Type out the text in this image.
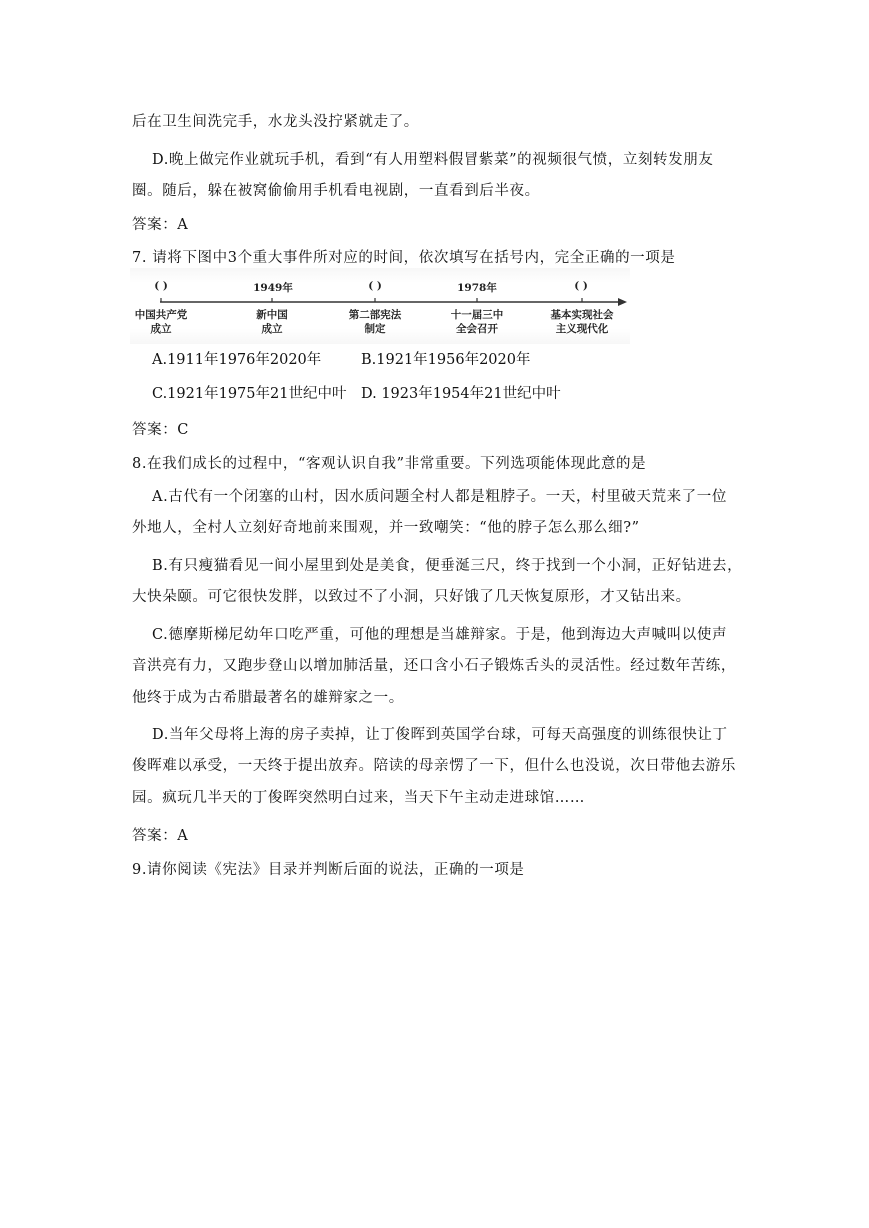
后在卫生间洗完手，水龙头没拧紧就走了。
D.晚上做完作业就玩手机，看到“有人用塑料假冒紫菜”的视频很气愤，立刻转发朋友
圈。随后，躲在被窝偷偷用手机看电视剧，一直看到后半夜。
答案：A
7. 请将下图中3个重大事件所对应的时间，依次填写在括号内，完全正确的一项是
( )	1949年	( )	1978年	( )
中国共产党
成立
新中国
成立
第二部宪法
制定
十一届三中
全会召开
基本实现社会
主义现代化
A.1911年1976年2020年	B.1921年1956年2020年
C.1921年1975年21世纪中叶 D. 1923年1954年21世纪中叶
答案：C
8.在我们成长的过程中，“客观认识自我”非常重要。下列选项能体现此意的是
A.古代有一个闭塞的山村，因水质问题全村人都是粗脖子。一天，村里破天荒来了一位
外地人，全村人立刻好奇地前来围观，并一致嘲笑：“他的脖子怎么那么细?”
B.有只瘦猫看见一间小屋里到处是美食，便垂涎三尺，终于找到一个小洞，正好钻进去，
大快朵颐。可它很快发胖，以致过不了小洞，只好饿了几天恢复原形，才又钻出来。
C.德摩斯梯尼幼年口吃严重，可他的理想是当雄辩家。于是，他到海边大声喊叫以使声
音洪亮有力，又跑步登山以增加肺活量，还口含小石子锻炼舌头的灵活性。经过数年苦练，
他终于成为古希腊最著名的雄辩家之一。
D.当年父母将上海的房子卖掉，让丁俊晖到英国学台球，可每天高强度的训练很快让丁
俊晖难以承受，一天终于提出放弃。陪读的母亲愣了一下，但什么也没说，次日带他去游乐
园。疯玩几半天的丁俊晖突然明白过来，当天下午主动走进球馆……
答案：A
9.请你阅读《宪法》目录并判断后面的说法，正确的一项是
